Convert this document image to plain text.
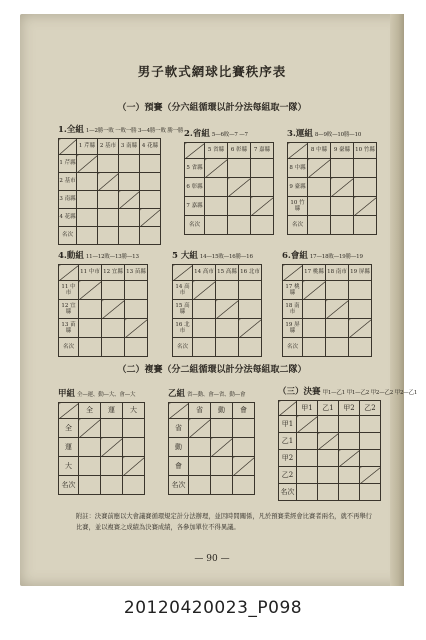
男子軟式網球比賽秩序表
（一）預賽（分六組循環以計分法每組取一隊）
1.全組 1—2勝一敗 一敗一勝 3—4勝一敗 勝一勝 2.省組 5—6敗—7 —7	3.運組 8—9敗—10勝—10
	1 芹縣	2 基市	3 南縣	4 花縣
1 芹縣				
2 基市				
3 南縣				
4 花縣				
名次				
	5 省縣	6 彰縣	7 嘉縣
5 省縣			
6 彰縣			
7 嘉縣			
名次			
	8 中縣	9 臺縣	10 竹縣
8 中縣			
9 臺縣			
10 竹縣			
名次			
4.動組 11—12敗—13勝—13	5 大組 14—15敗—16勝—16	6.會組 17—18敗—19勝—19
	11 中市	12 宜縣	13 苗縣
11 中市			
12 宜縣			
13 苗縣			
名次			
	14 高市	15 高縣	16 北市
14 高市			
15 高縣			
16 北市			
名次			
	17 桃縣	18 南市	19 屏縣
17 桃縣			
18 南市			
19 屏縣			
名次			
（二）複賽（分二組循環以計分法每組取二隊）
甲組 全—運、動—大、會—大	乙組 省—動、會—省、動—會	（三）決賽 甲1—乙1 甲1—乙2 甲2—乙2 甲2—乙1
	全	運	大
全			
運			
大			
名次			
	省	動	會
省			
動			
會			
名次			
	甲1	乙1	甲2	乙2
甲1				
乙1				
甲2				
乙2				
名次				
附註：決賽前應以大會議賽循環規定計分法辦理，並因時間關係，凡於預賽業經會比賽者兩名，就不再舉行比賽，並以複賽之成績為決賽成績，各參加單位不得異議。
— 90 —
20120420023_P098
